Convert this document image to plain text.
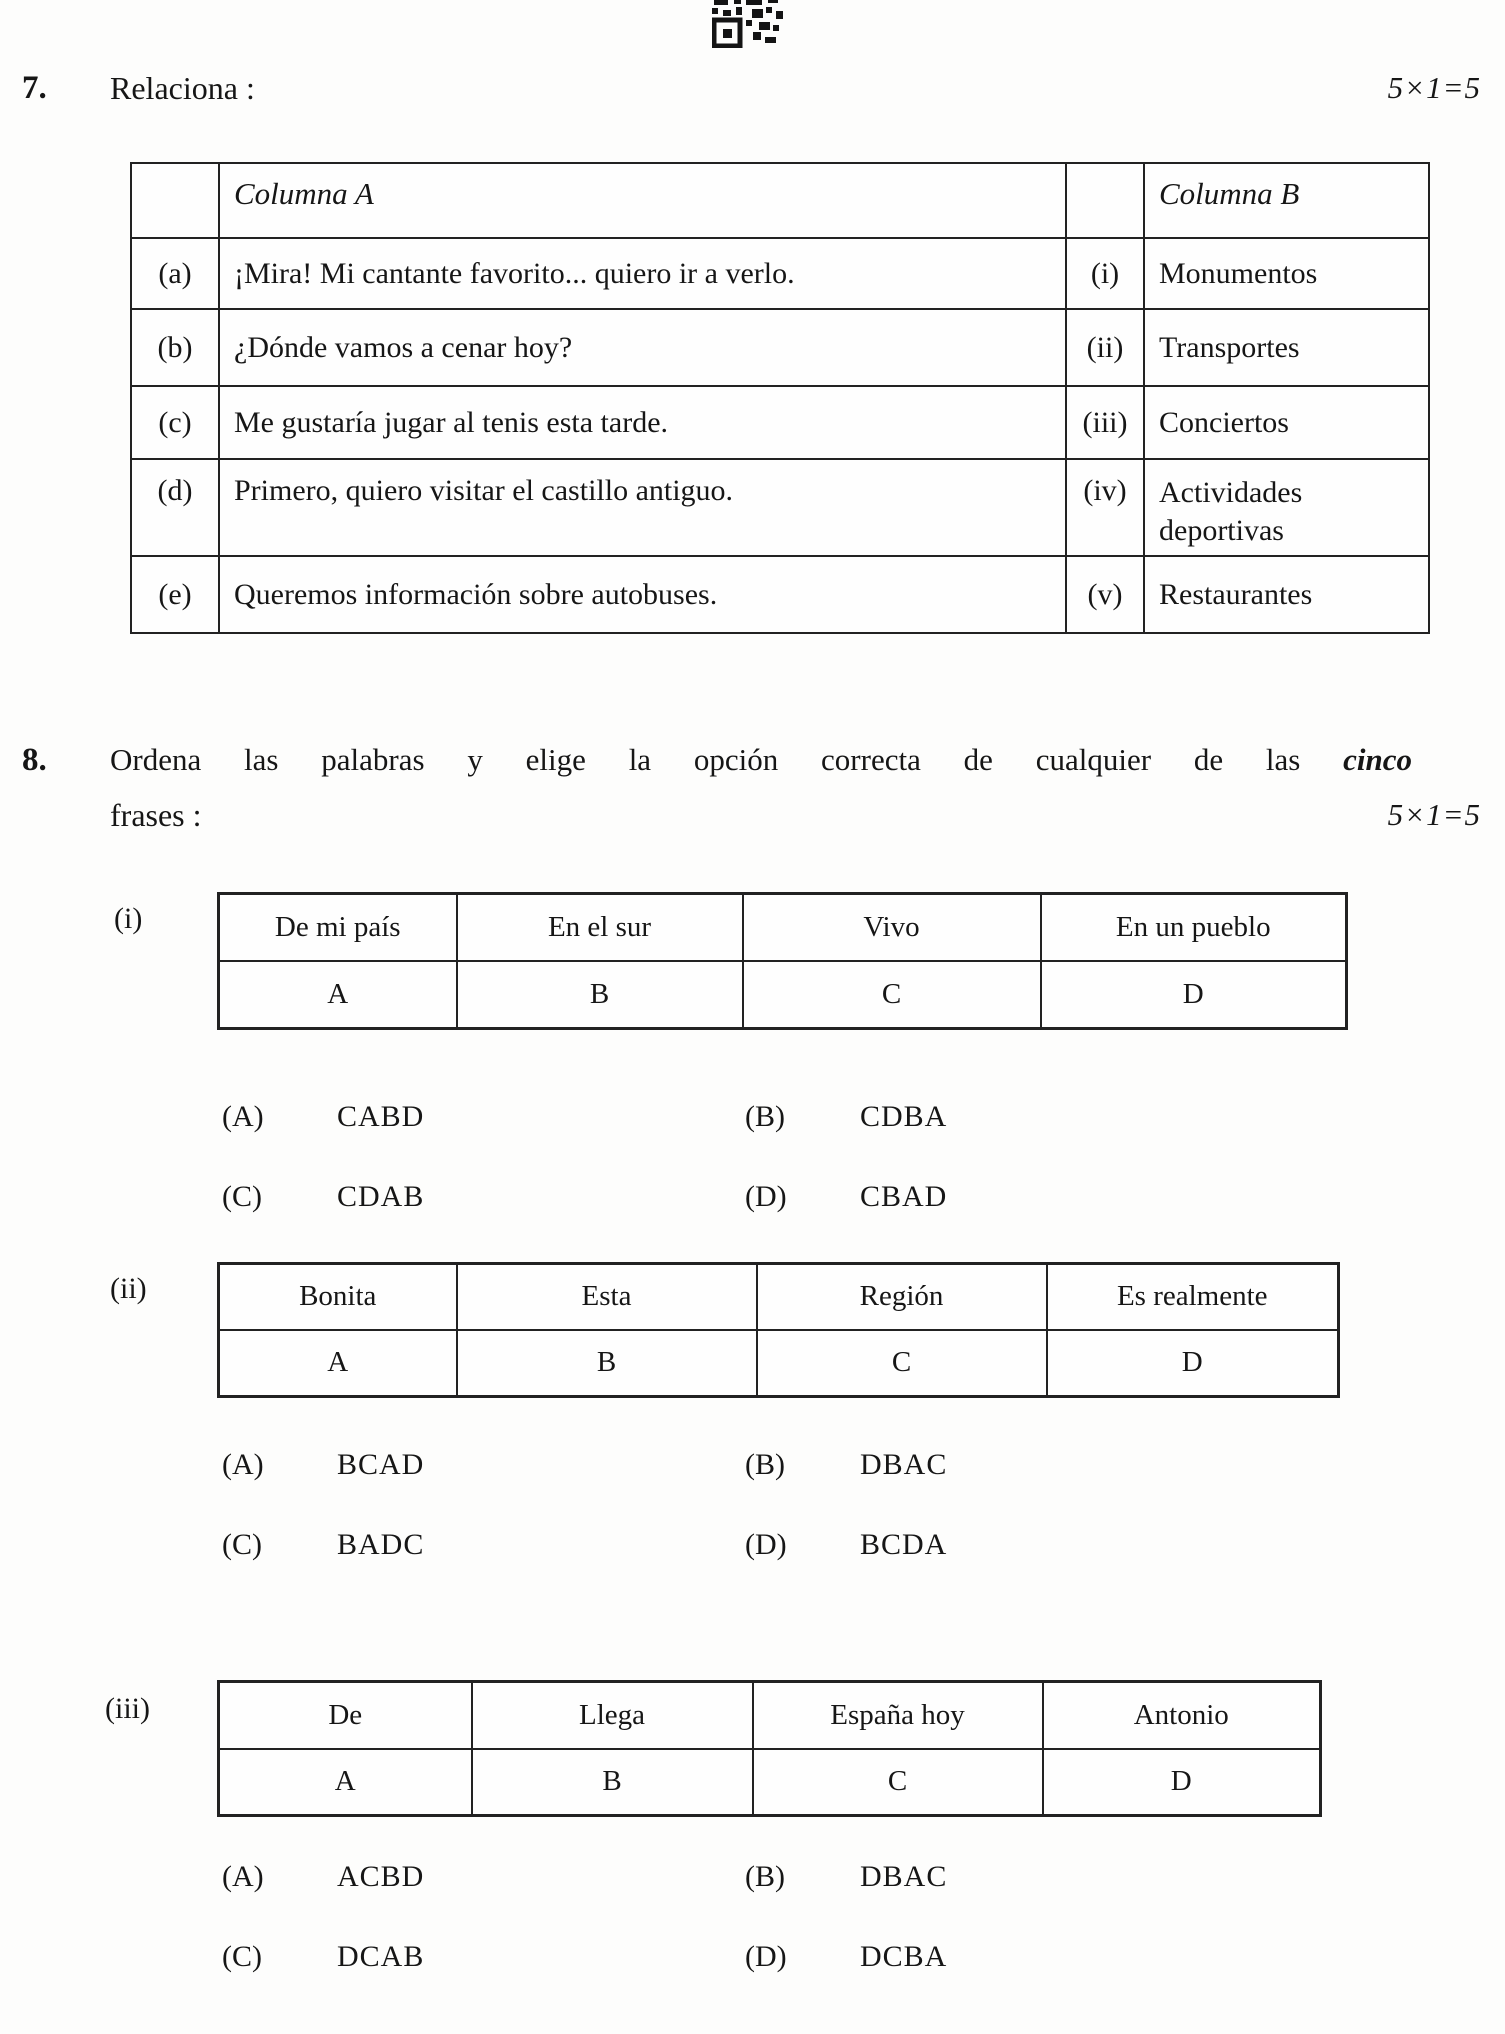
7. Relaciona :	5×1=5
	Columna A		Columna B
(a)	¡Mira! Mi cantante favorito... quiero ir a verlo.	(i)	Monumentos
(b)	¿Dónde vamos a cenar hoy?	(ii)	Transportes
(c)	Me gustaría jugar al tenis esta tarde.	(iii)	Conciertos
(d)	Primero, quiero visitar el castillo antiguo.	(iv)	Actividades deportivas
(e)	Queremos información sobre autobuses.	(v)	Restaurantes
8. Ordena las palabras y elige la opción correcta de cualquier de las cinco
frases :	5×1=5
(i)	De mi país	En el sur	Vivo	En un pueblo
A	B	C	D
(A) CABD	(B)	CDBA
(C)	CDAB	(D) CBAD
(ii)	Bonita	Esta	Región	Es realmente
A	B	C	D
(A) BCAD	(B)	DBAC
(C)	BADC	(D) BCDA
(iii)	De	Llega	España hoy	Antonio
A	B	C	D
(A) ACBD	(B)	DBAC
(C)	DCAB	(D) DCBA
